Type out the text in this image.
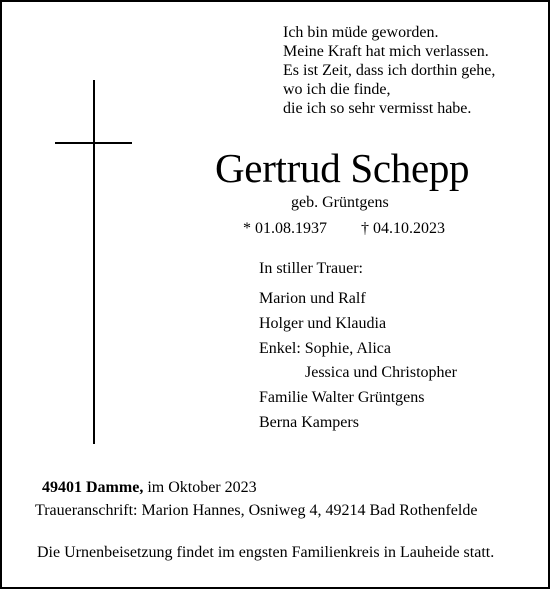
Ich bin müde geworden.
Meine Kraft hat mich verlassen.
Es ist Zeit, dass ich dorthin gehe,
wo ich die finde,
die ich so sehr vermisst habe.
Gertrud Schepp
geb. Grüntgens
* 01.08.1937 † 04.10.2023
In stiller Trauer:
Marion und Ralf
Holger und Klaudia
Enkel: Sophie, Alica
Jessica und Christopher
Familie Walter Grüntgens
Berna Kampers
49401 Damme, im Oktober 2023
Traueranschrift: Marion Hannes, Osniweg 4, 49214 Bad Rothenfelde
Die Urnenbeisetzung findet im engsten Familienkreis in Lauheide statt.
